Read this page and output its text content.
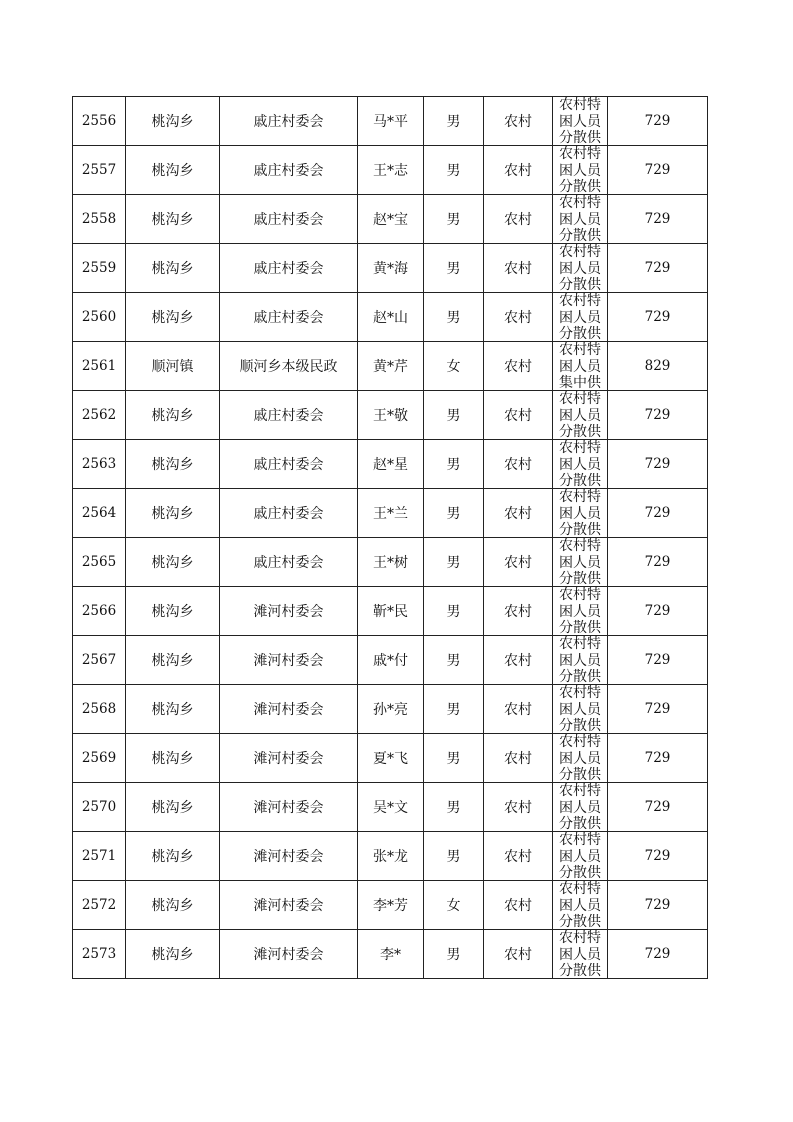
2556	桃沟乡	戚庄村委会	马*平	男	农村	农村特困人员分散供	729
2557	桃沟乡	戚庄村委会	王*志	男	农村	农村特困人员分散供	729
2558	桃沟乡	戚庄村委会	赵*宝	男	农村	农村特困人员分散供	729
2559	桃沟乡	戚庄村委会	黄*海	男	农村	农村特困人员分散供	729
2560	桃沟乡	戚庄村委会	赵*山	男	农村	农村特困人员分散供	729
2561	顺河镇	顺河乡本级民政	黄*芹	女	农村	农村特困人员集中供	829
2562	桃沟乡	戚庄村委会	王*敬	男	农村	农村特困人员分散供	729
2563	桃沟乡	戚庄村委会	赵*星	男	农村	农村特困人员分散供	729
2564	桃沟乡	戚庄村委会	王*兰	男	农村	农村特困人员分散供	729
2565	桃沟乡	戚庄村委会	王*树	男	农村	农村特困人员分散供	729
2566	桃沟乡	滩河村委会	靳*民	男	农村	农村特困人员分散供	729
2567	桃沟乡	滩河村委会	戚*付	男	农村	农村特困人员分散供	729
2568	桃沟乡	滩河村委会	孙*亮	男	农村	农村特困人员分散供	729
2569	桃沟乡	滩河村委会	夏*飞	男	农村	农村特困人员分散供	729
2570	桃沟乡	滩河村委会	吴*文	男	农村	农村特困人员分散供	729
2571	桃沟乡	滩河村委会	张*龙	男	农村	农村特困人员分散供	729
2572	桃沟乡	滩河村委会	李*芳	女	农村	农村特困人员分散供	729
2573	桃沟乡	滩河村委会	李*	男	农村	农村特困人员分散供	729
